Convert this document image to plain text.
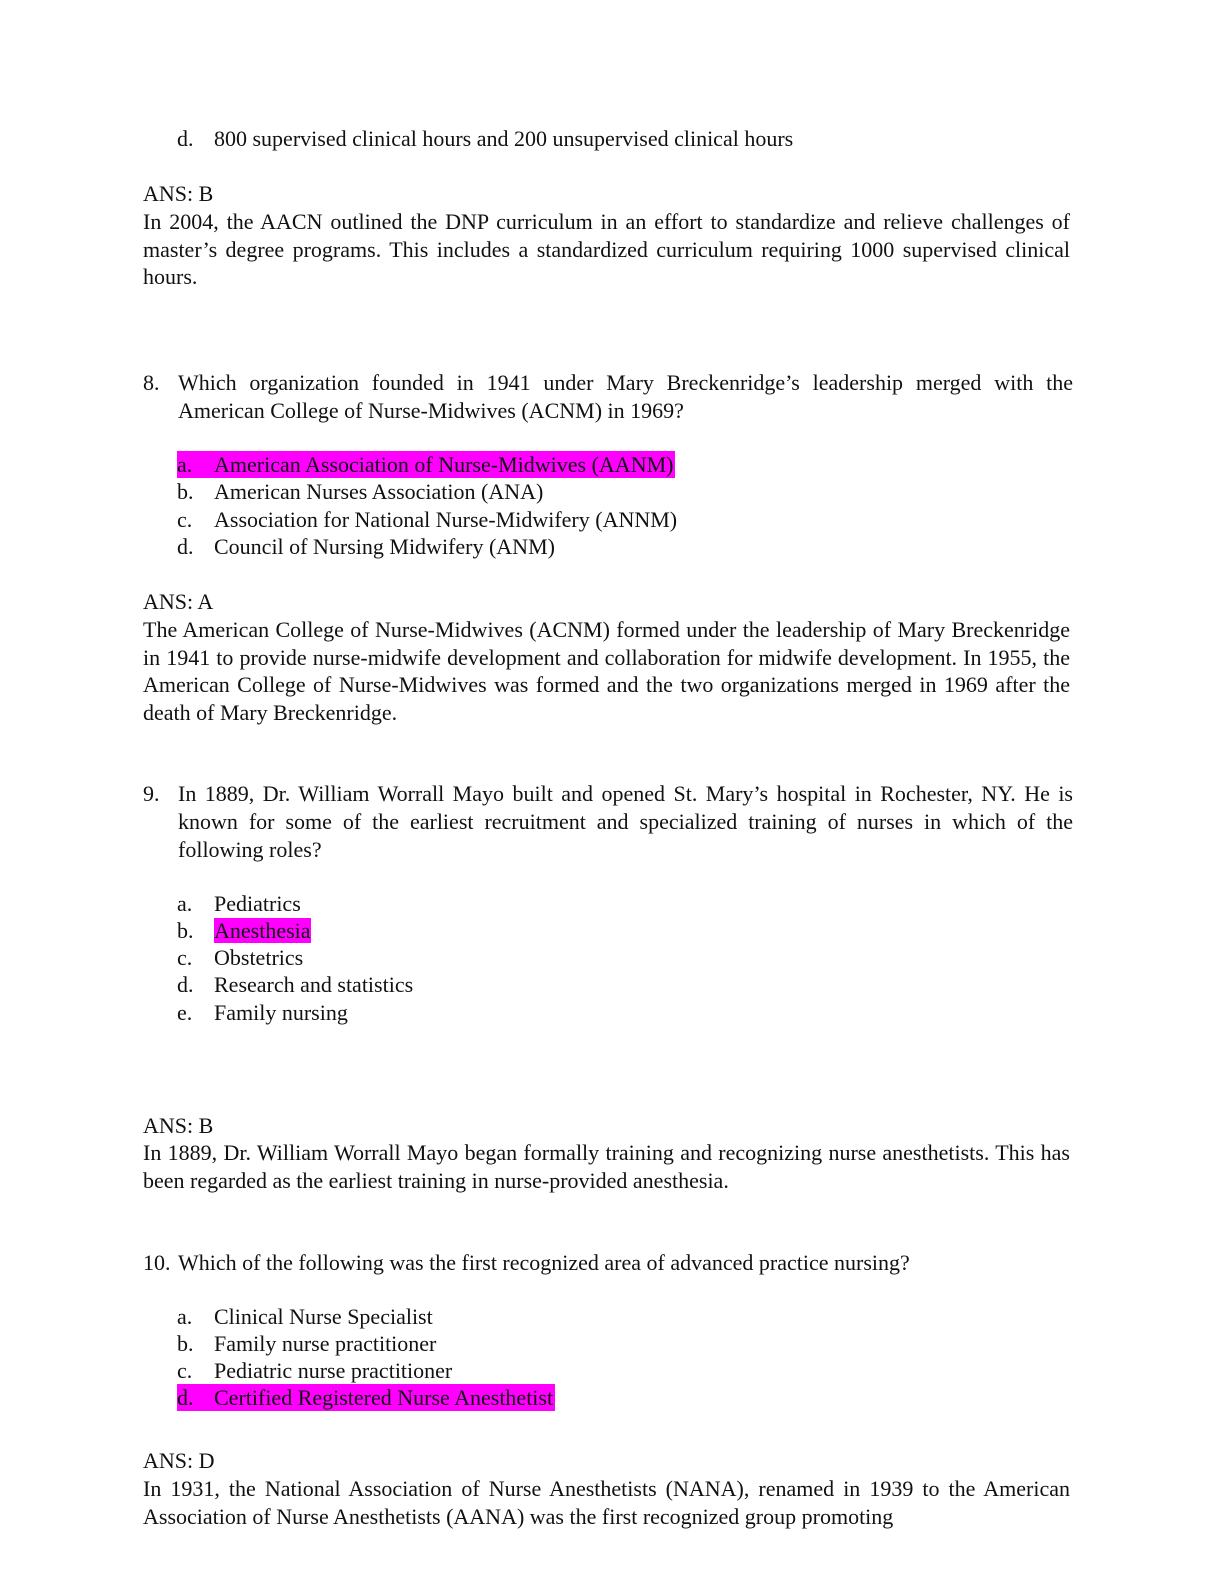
d. 800 supervised clinical hours and 200 unsupervised clinical hours
ANS: B
In 2004, the AACN outlined the DNP curriculum in an effort to standardize and relieve challenges of master’s degree programs. This includes a standardized curriculum requiring 1000 supervised clinical hours.
8. Which organization founded in 1941 under Mary Breckenridge’s leadership merged with the American College of Nurse-Midwives (ACNM) in 1969?
a. American Association of Nurse-Midwives (AANM)
b. American Nurses Association (ANA)
c. Association for National Nurse-Midwifery (ANNM)
d. Council of Nursing Midwifery (ANM)
ANS: A
The American College of Nurse-Midwives (ACNM) formed under the leadership of Mary Breckenridge in 1941 to provide nurse-midwife development and collaboration for midwife development. In 1955, the American College of Nurse-Midwives was formed and the two organizations merged in 1969 after the death of Mary Breckenridge.
9. In 1889, Dr. William Worrall Mayo built and opened St. Mary’s hospital in Rochester, NY. He is known for some of the earliest recruitment and specialized training of nurses in which of the following roles?
a. Pediatrics
b. Anesthesia
c. Obstetrics
d. Research and statistics
e. Family nursing
ANS: B
In 1889, Dr. William Worrall Mayo began formally training and recognizing nurse anesthetists. This has been regarded as the earliest training in nurse-provided anesthesia.
10. Which of the following was the first recognized area of advanced practice nursing?
a. Clinical Nurse Specialist
b. Family nurse practitioner
c. Pediatric nurse practitioner
d. Certified Registered Nurse Anesthetist
ANS: D
In 1931, the National Association of Nurse Anesthetists (NANA), renamed in 1939 to the American Association of Nurse Anesthetists (AANA) was the first recognized group promoting
